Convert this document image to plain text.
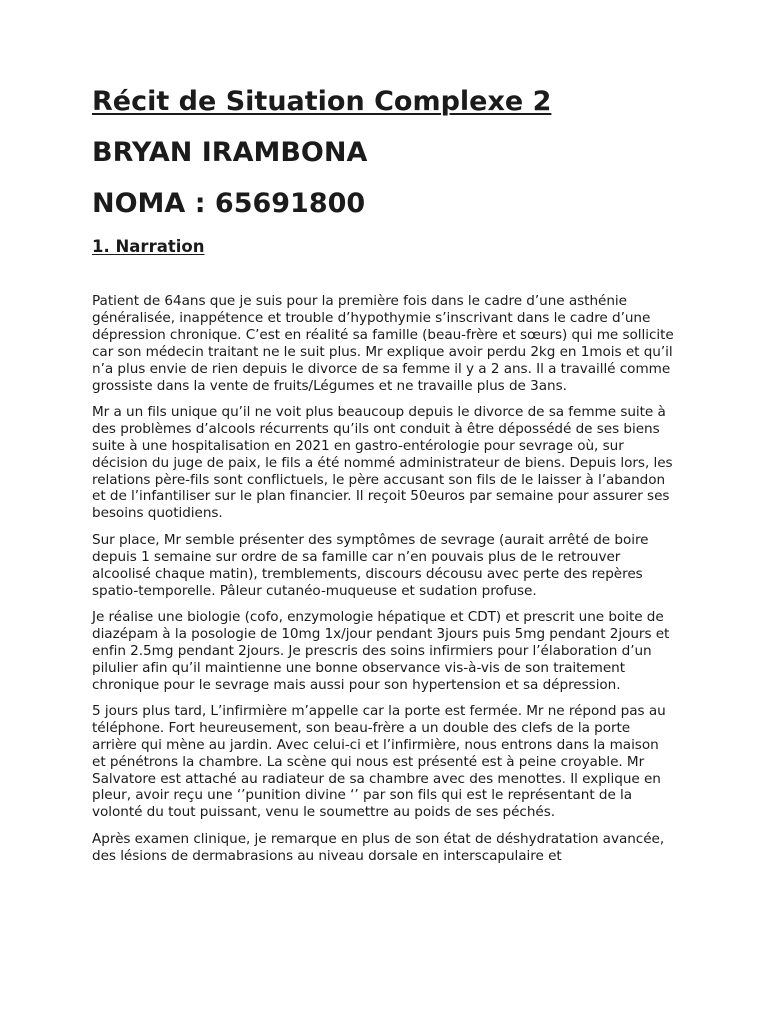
Récit de Situation Complexe 2
BRYAN IRAMBONA
NOMA : 65691800
1. Narration

Patient de 64ans que je suis pour la première fois dans le cadre d’une asthénie généralisée, inappétence et trouble d’hypothymie s’inscrivant dans le cadre d’une dépression chronique. C’est en réalité sa famille (beau-frère et sœurs) qui me sollicite car son médecin traitant ne le suit plus. Mr explique avoir perdu 2kg en 1mois et qu’il n’a plus envie de rien depuis le divorce de sa femme il y a 2 ans. Il a travaillé comme grossiste dans la vente de fruits/Légumes et ne travaille plus de 3ans.

Mr a un fils unique qu’il ne voit plus beaucoup depuis le divorce de sa femme suite à des problèmes d’alcools récurrents qu’ils ont conduit à être dépossédé de ses biens suite à une hospitalisation en 2021 en gastro-entérologie pour sevrage où, sur décision du juge de paix, le fils a été nommé administrateur de biens. Depuis lors, les relations père-fils sont conflictuels, le père accusant son fils de le laisser à l’abandon et de l’infantiliser sur le plan financier. Il reçoit 50euros par semaine pour assurer ses besoins quotidiens.

Sur place, Mr semble présenter des symptômes de sevrage (aurait arrêté de boire depuis 1 semaine sur ordre de sa famille car n’en pouvais plus de le retrouver alcoolisé chaque matin), tremblements, discours décousu avec perte des repères spatio-temporelle. Pâleur cutanéo-muqueuse et sudation profuse.

Je réalise une biologie (cofo, enzymologie hépatique et CDT) et prescrit une boite de diazépam à la posologie de 10mg 1x/jour pendant 3jours puis 5mg pendant 2jours et enfin 2.5mg pendant 2jours. Je prescris des soins infirmiers pour l’élaboration d’un pilulier afin qu’il maintienne une bonne observance vis-à-vis de son traitement chronique pour le sevrage mais aussi pour son hypertension et sa dépression.

5 jours plus tard, L’infirmière m’appelle car la porte est fermée. Mr ne répond pas au téléphone. Fort heureusement, son beau-frère a un double des clefs de la porte arrière qui mène au jardin. Avec celui-ci et l’infirmière, nous entrons dans la maison et pénétrons la chambre. La scène qui nous est présenté est à peine croyable. Mr Salvatore est attaché au radiateur de sa chambre avec des menottes. Il explique en pleur, avoir reçu une ‘’punition divine ‘’ par son fils qui est le représentant de la volonté du tout puissant, venu le soumettre au poids de ses péchés.

Après examen clinique, je remarque en plus de son état de déshydratation avancée, des lésions de dermabrasions au niveau dorsale en interscapulaire et
